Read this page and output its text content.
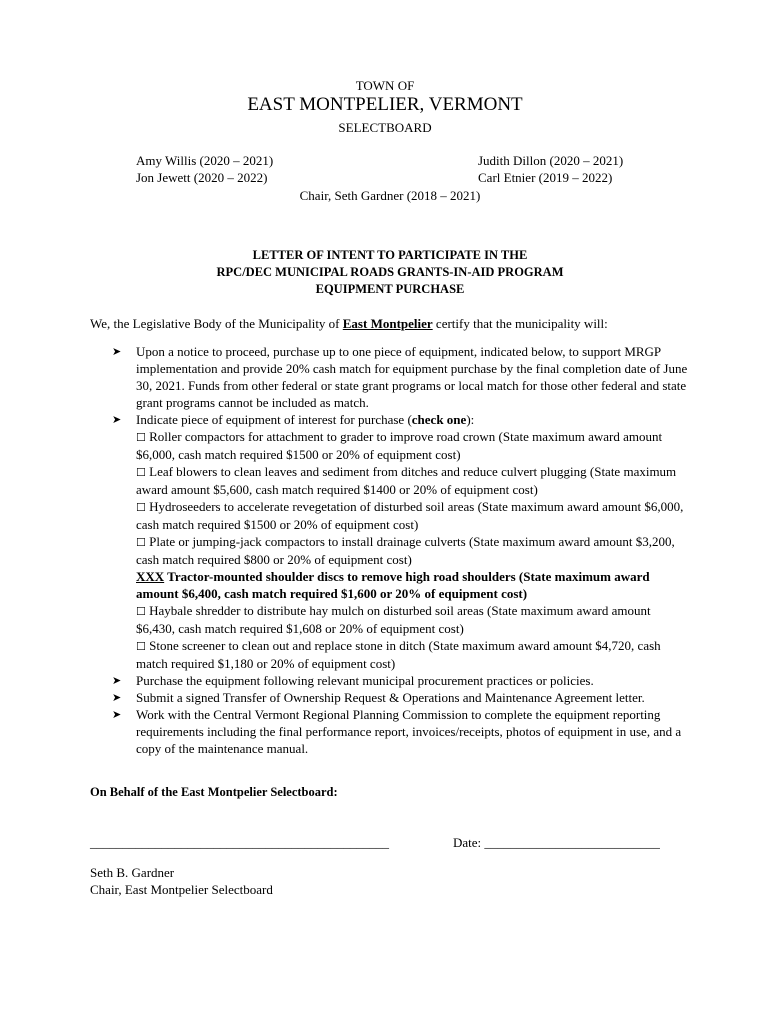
TOWN OF
EAST MONTPELIER, VERMONT
SELECTBOARD
Amy Willis (2020 – 2021)	Judith Dillon (2020 – 2021)
Jon Jewett (2020 – 2022)	Carl Etnier (2019 – 2022)
Chair, Seth Gardner (2018 – 2021)
LETTER OF INTENT TO PARTICIPATE IN THE
RPC/DEC MUNICIPAL ROADS GRANTS-IN-AID PROGRAM
EQUIPMENT PURCHASE
We, the Legislative Body of the Municipality of East Montpelier certify that the municipality will:
➤ Upon a notice to proceed, purchase up to one piece of equipment, indicated below, to support MRGP implementation and provide 20% cash match for equipment purchase by the final completion date of June 30, 2021. Funds from other federal or state grant programs or local match for those other federal and state grant programs cannot be included as match.
➤ Indicate piece of equipment of interest for purchase (check one):
☐ Roller compactors for attachment to grader to improve road crown (State maximum award amount $6,000, cash match required $1500 or 20% of equipment cost)
☐ Leaf blowers to clean leaves and sediment from ditches and reduce culvert plugging (State maximum award amount $5,600, cash match required $1400 or 20% of equipment cost)
☐ Hydroseeders to accelerate revegetation of disturbed soil areas (State maximum award amount $6,000, cash match required $1500 or 20% of equipment cost)
☐ Plate or jumping-jack compactors to install drainage culverts (State maximum award amount $3,200, cash match required $800 or 20% of equipment cost)
XXX Tractor-mounted shoulder discs to remove high road shoulders (State maximum award amount $6,400, cash match required $1,600 or 20% of equipment cost)
☐ Haybale shredder to distribute hay mulch on disturbed soil areas (State maximum award amount $6,430, cash match required $1,608 or 20% of equipment cost)
☐ Stone screener to clean out and replace stone in ditch (State maximum award amount $4,720, cash match required $1,180 or 20% of equipment cost)
➤ Purchase the equipment following relevant municipal procurement practices or policies.
➤ Submit a signed Transfer of Ownership Request & Operations and Maintenance Agreement letter.
➤ Work with the Central Vermont Regional Planning Commission to complete the equipment reporting requirements including the final performance report, invoices/receipts, photos of equipment in use, and a copy of the maintenance manual.
On Behalf of the East Montpelier Selectboard:
______________________________________________	Date: ___________________________
Seth B. Gardner
Chair, East Montpelier Selectboard
